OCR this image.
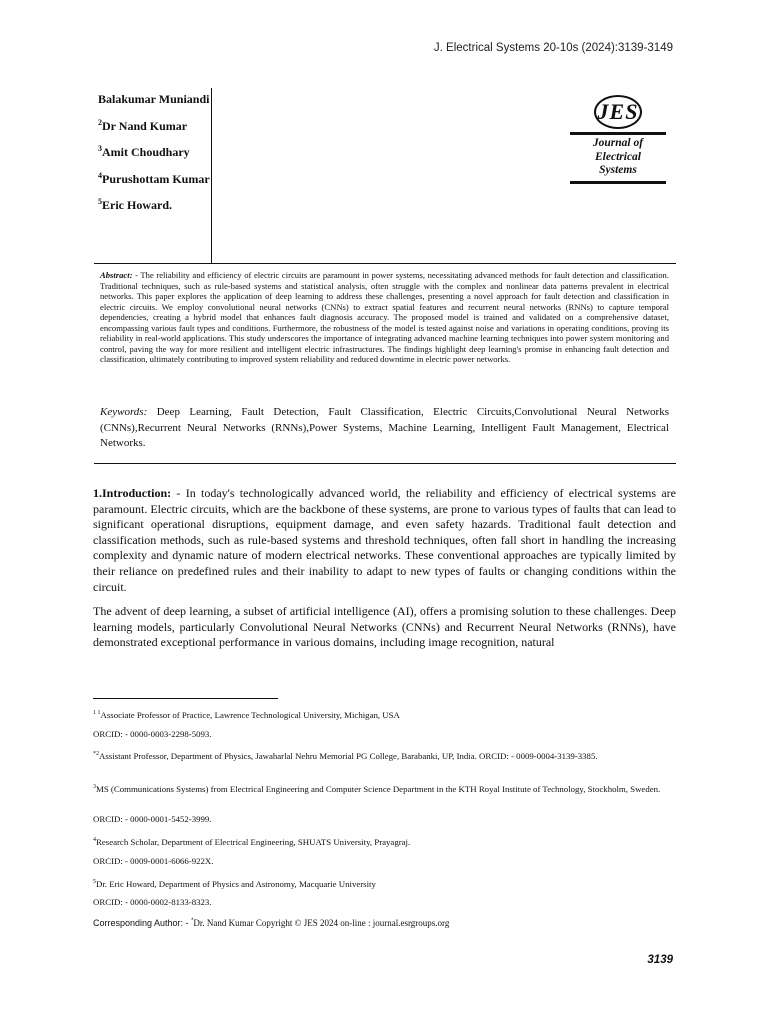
J. Electrical Systems 20-10s (2024):3139-3149
Balakumar Muniandi
$^2$Dr Nand Kumar
$^3$Amit Choudhary
$^4$Purushottam Kumar
$^5$Eric Howard.
JES
Journal of
Electrical
Systems
Abstract: - The reliability and efficiency of electric circuits are paramount in power systems, necessitating advanced methods for fault detection and classification. Traditional techniques, such as rule-based systems and statistical analysis, often struggle with the complex and nonlinear data patterns prevalent in electrical networks. This paper explores the application of deep learning to address these challenges, presenting a novel approach for fault detection and classification in electric circuits. We employ convolutional neural networks (CNNs) to extract spatial features and recurrent neural networks (RNNs) to capture temporal dependencies, creating a hybrid model that enhances fault diagnosis accuracy. The proposed model is trained and validated on a comprehensive dataset, encompassing various fault types and conditions. Furthermore, the robustness of the model is tested against noise and variations in operating conditions, proving its reliability in real-world applications. This study underscores the importance of integrating advanced machine learning techniques into power system monitoring and control, paving the way for more resilient and intelligent electric infrastructures. The findings highlight deep learning's promise in enhancing fault detection and classification, ultimately contributing to improved system reliability and reduced downtime in electric power networks.
Keywords: Deep Learning, Fault Detection, Fault Classification, Electric Circuits,Convolutional Neural Networks (CNNs),Recurrent Neural Networks (RNNs),Power Systems, Machine Learning, Intelligent Fault Management, Electrical Networks.
1.Introduction: - In today's technologically advanced world, the reliability and efficiency of electrical systems are paramount. Electric circuits, which are the backbone of these systems, are prone to various types of faults that can lead to significant operational disruptions, equipment damage, and even safety hazards. Traditional fault detection and classification methods, such as rule-based systems and threshold techniques, often fall short in handling the increasing complexity and dynamic nature of modern electrical networks. These conventional approaches are typically limited by their reliance on predefined rules and their inability to adapt to new types of faults or changing conditions within the circuit.
The advent of deep learning, a subset of artificial intelligence (AI), offers a promising solution to these challenges. Deep learning models, particularly Convolutional Neural Networks (CNNs) and Recurrent Neural Networks (RNNs), have demonstrated exceptional performance in various domains, including image recognition, natural
$^{1 1}$Associate Professor of Practice, Lawrence Technological University, Michigan, USA
ORCID: - 0000-0003-2298-5093.
$^{*2}$Assistant Professor, Department of Physics, Jawaharlal Nehru Memorial PG College, Barabanki, UP, India. ORCID: - 0009-0004-3139-3385.
$^3$MS (Communications Systems) from Electrical Engineering and Computer Science Department in the KTH Royal Institute of Technology, Stockholm, Sweden.
ORCID: - 0000-0001-5452-3999.
$^4$Research Scholar, Department of Electrical Engineering, SHUATS University, Prayagraj.
ORCID: - 0009-0001-6066-922X.
$^5$Dr. Eric Howard, Department of Physics and Astronomy, Macquarie University
ORCID: - 0000-0002-8133-8323.
Corresponding Author: - *Dr. Nand Kumar Copyright © JES 2024 on-line : journal.esrgroups.org
3139
